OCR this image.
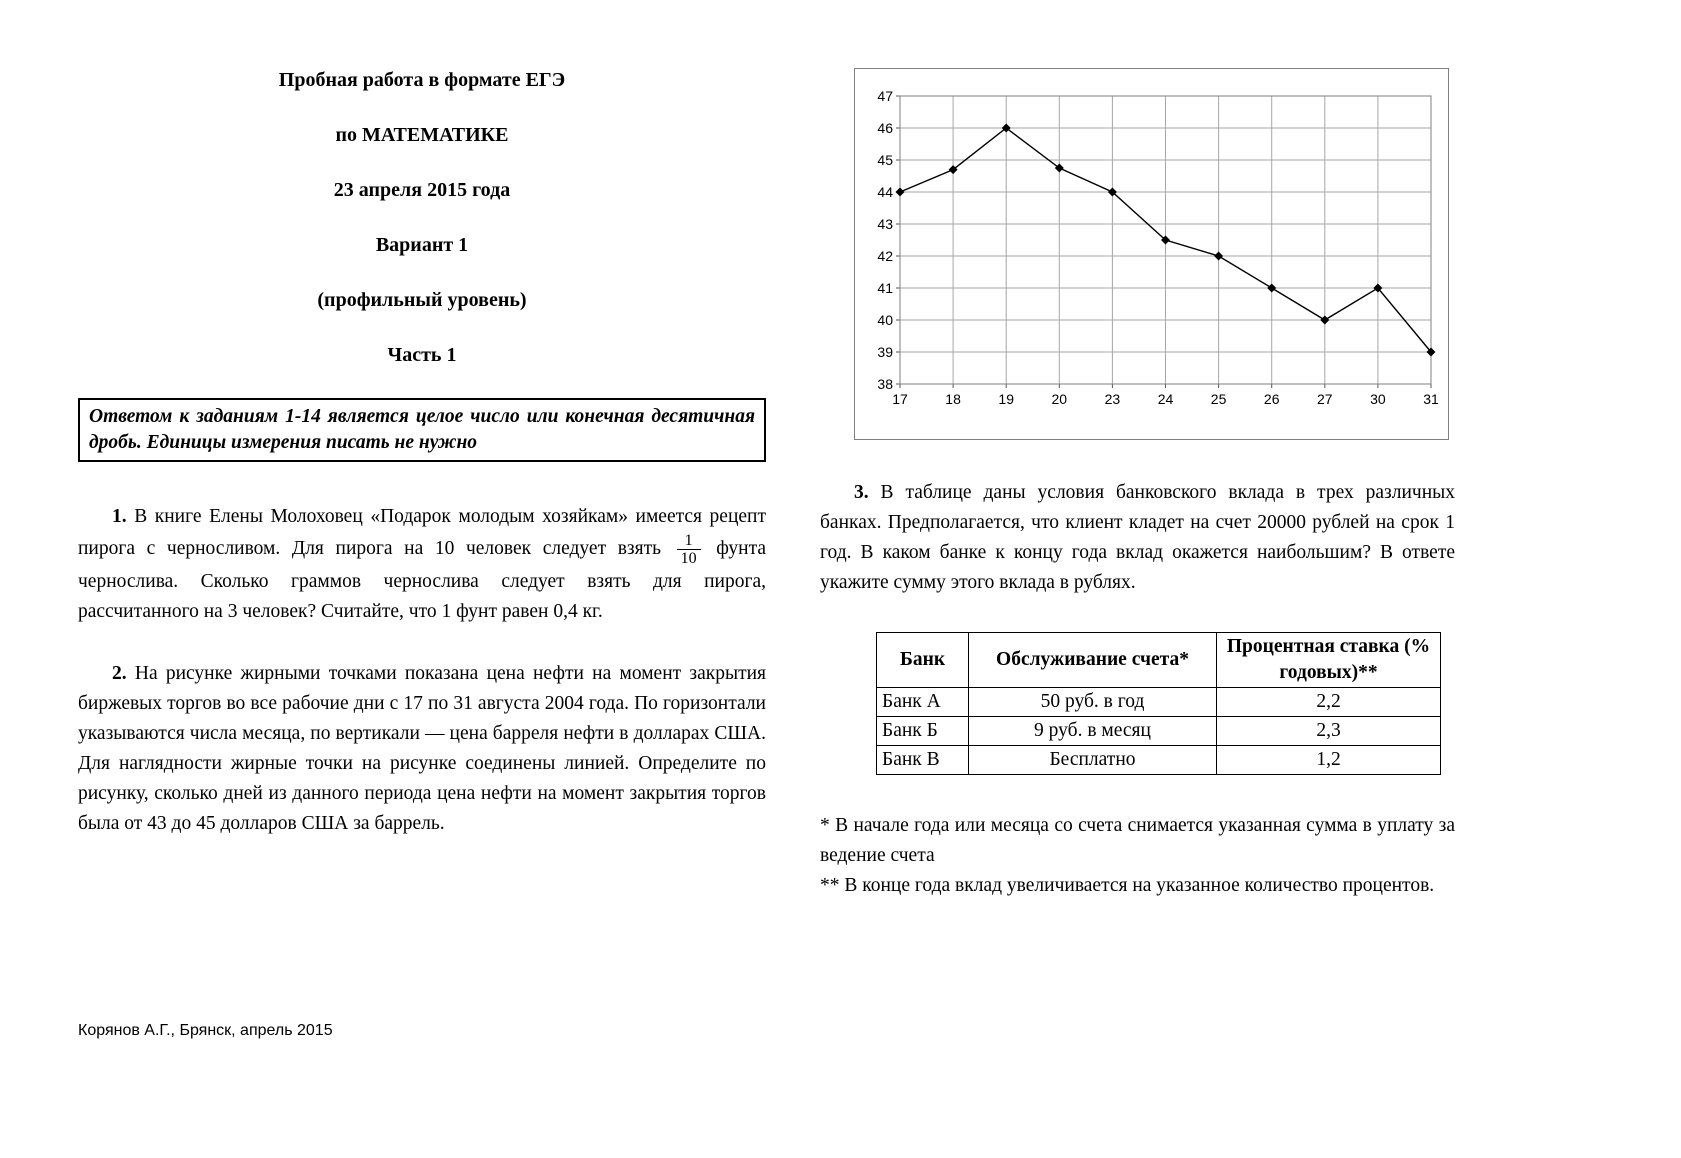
Пробная работа в формате ЕГЭ

по МАТЕМАТИКЕ

23 апреля 2015 года

Вариант 1

(профильный уровень)

Часть 1

Ответом к заданиям 1-14 является целое число или конечная десятичная дробь. Единицы измерения писать не нужно

1. В книге Елены Молоховец «Подарок молодым хозяйкам» имеется рецепт пирога с черносливом. Для пирога на 10 человек следует взять $\frac{1}{10}$ фунта чернослива. Сколько граммов чернослива следует взять для пирога, рассчитанного на 3 человек? Считайте, что 1 фунт равен 0,4 кг.

2. На рисунке жирными точками показана цена нефти на момент закрытия биржевых торгов во все рабочие дни с 17 по 31 августа 2004 года. По горизонтали указываются числа месяца, по вертикали — цена барреля нефти в долларах США. Для наглядности жирные точки на рисунке соединены линией. Определите по рисунку, сколько дней из данного периода цена нефти на момент закрытия торгов была от 43 до 45 долларов США за баррель.

38
39
40
41
42
43
44
45
46
47
17	18	19	20	23	24	25	26	27	30	31

3. В таблице даны условия банковского вклада в трех различных банках. Предполагается, что клиент кладет на счет 20000 рублей на срок 1 год. В каком банке к концу года вклад окажется наибольшим? В ответе укажите сумму этого вклада в рублях.

Банк	Обслуживание счета*	Процентная ставка (% годовых)**
Банк А	50 руб. в год	2,2
Банк Б	9 руб. в месяц	2,3
Банк В	Бесплатно	1,2

* В начале года или месяца со счета снимается указанная сумма в уплату за ведение счета

** В конце года вклад увеличивается на указанное количество процентов.

Корянов А.Г., Брянск, апрель 2015
